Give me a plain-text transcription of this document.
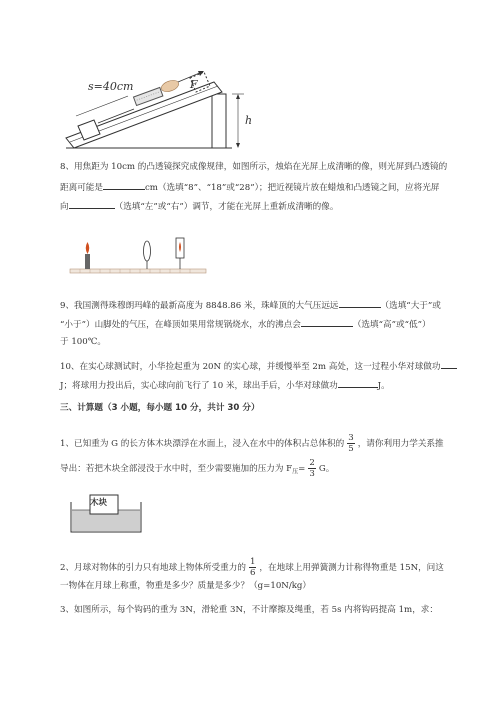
s=40cm	F
h
8、用焦距为 10cm 的凸透镜探究成像规律，如图所示，烛焰在光屏上成清晰的像，则光屏到凸透镜的
距离可能是	cm（选填“8”、“18”或“28”）；把近视镜片放在蜡烛和凸透镜之间，应将光屏
向	（选填“左”或“右”）调节，才能在光屏上重新成清晰的像。
9、我国测得珠穆朗玛峰的最新高度为 8848.86 米，珠峰顶的大气压远远	（选填“大于”或
“小于”）山脚处的气压，在峰顶如果用常规锅烧水，水的沸点会	（选填“高”或“低”）
于 100℃。
10、在实心球测试时，小华捡起重为 20N 的实心球，并缓慢举至 2m 高处，这一过程小华对球做功
J；将球用力投出后，实心球向前飞行了 10 米，球出手后，小华对球做功	J。
三、计算题（3 小题，每小题 10 分，共计 30 分）
1、已知重为 G 的长方体木块漂浮在水面上，浸入在水中的体积占总体积的 $\frac{3}{5}$ ，请你利用力学关系推
导出：若把木块全部浸没于水中时，至少需要施加的压力为 $F_压= \frac{2}{3}$ G。
木块
2、月球对物体的引力只有地球上物体所受重力的 $\frac{1}{6}$ ，在地球上用弹簧测力计称得物重是 15N，问这
一物体在月球上称重，物重是多少？质量是多少？（g=10N/kg）
3、如图所示，每个钩码的重为 3N，滑轮重 3N，不计摩擦及绳重，若 5s 内将钩码提高 1m，求：
